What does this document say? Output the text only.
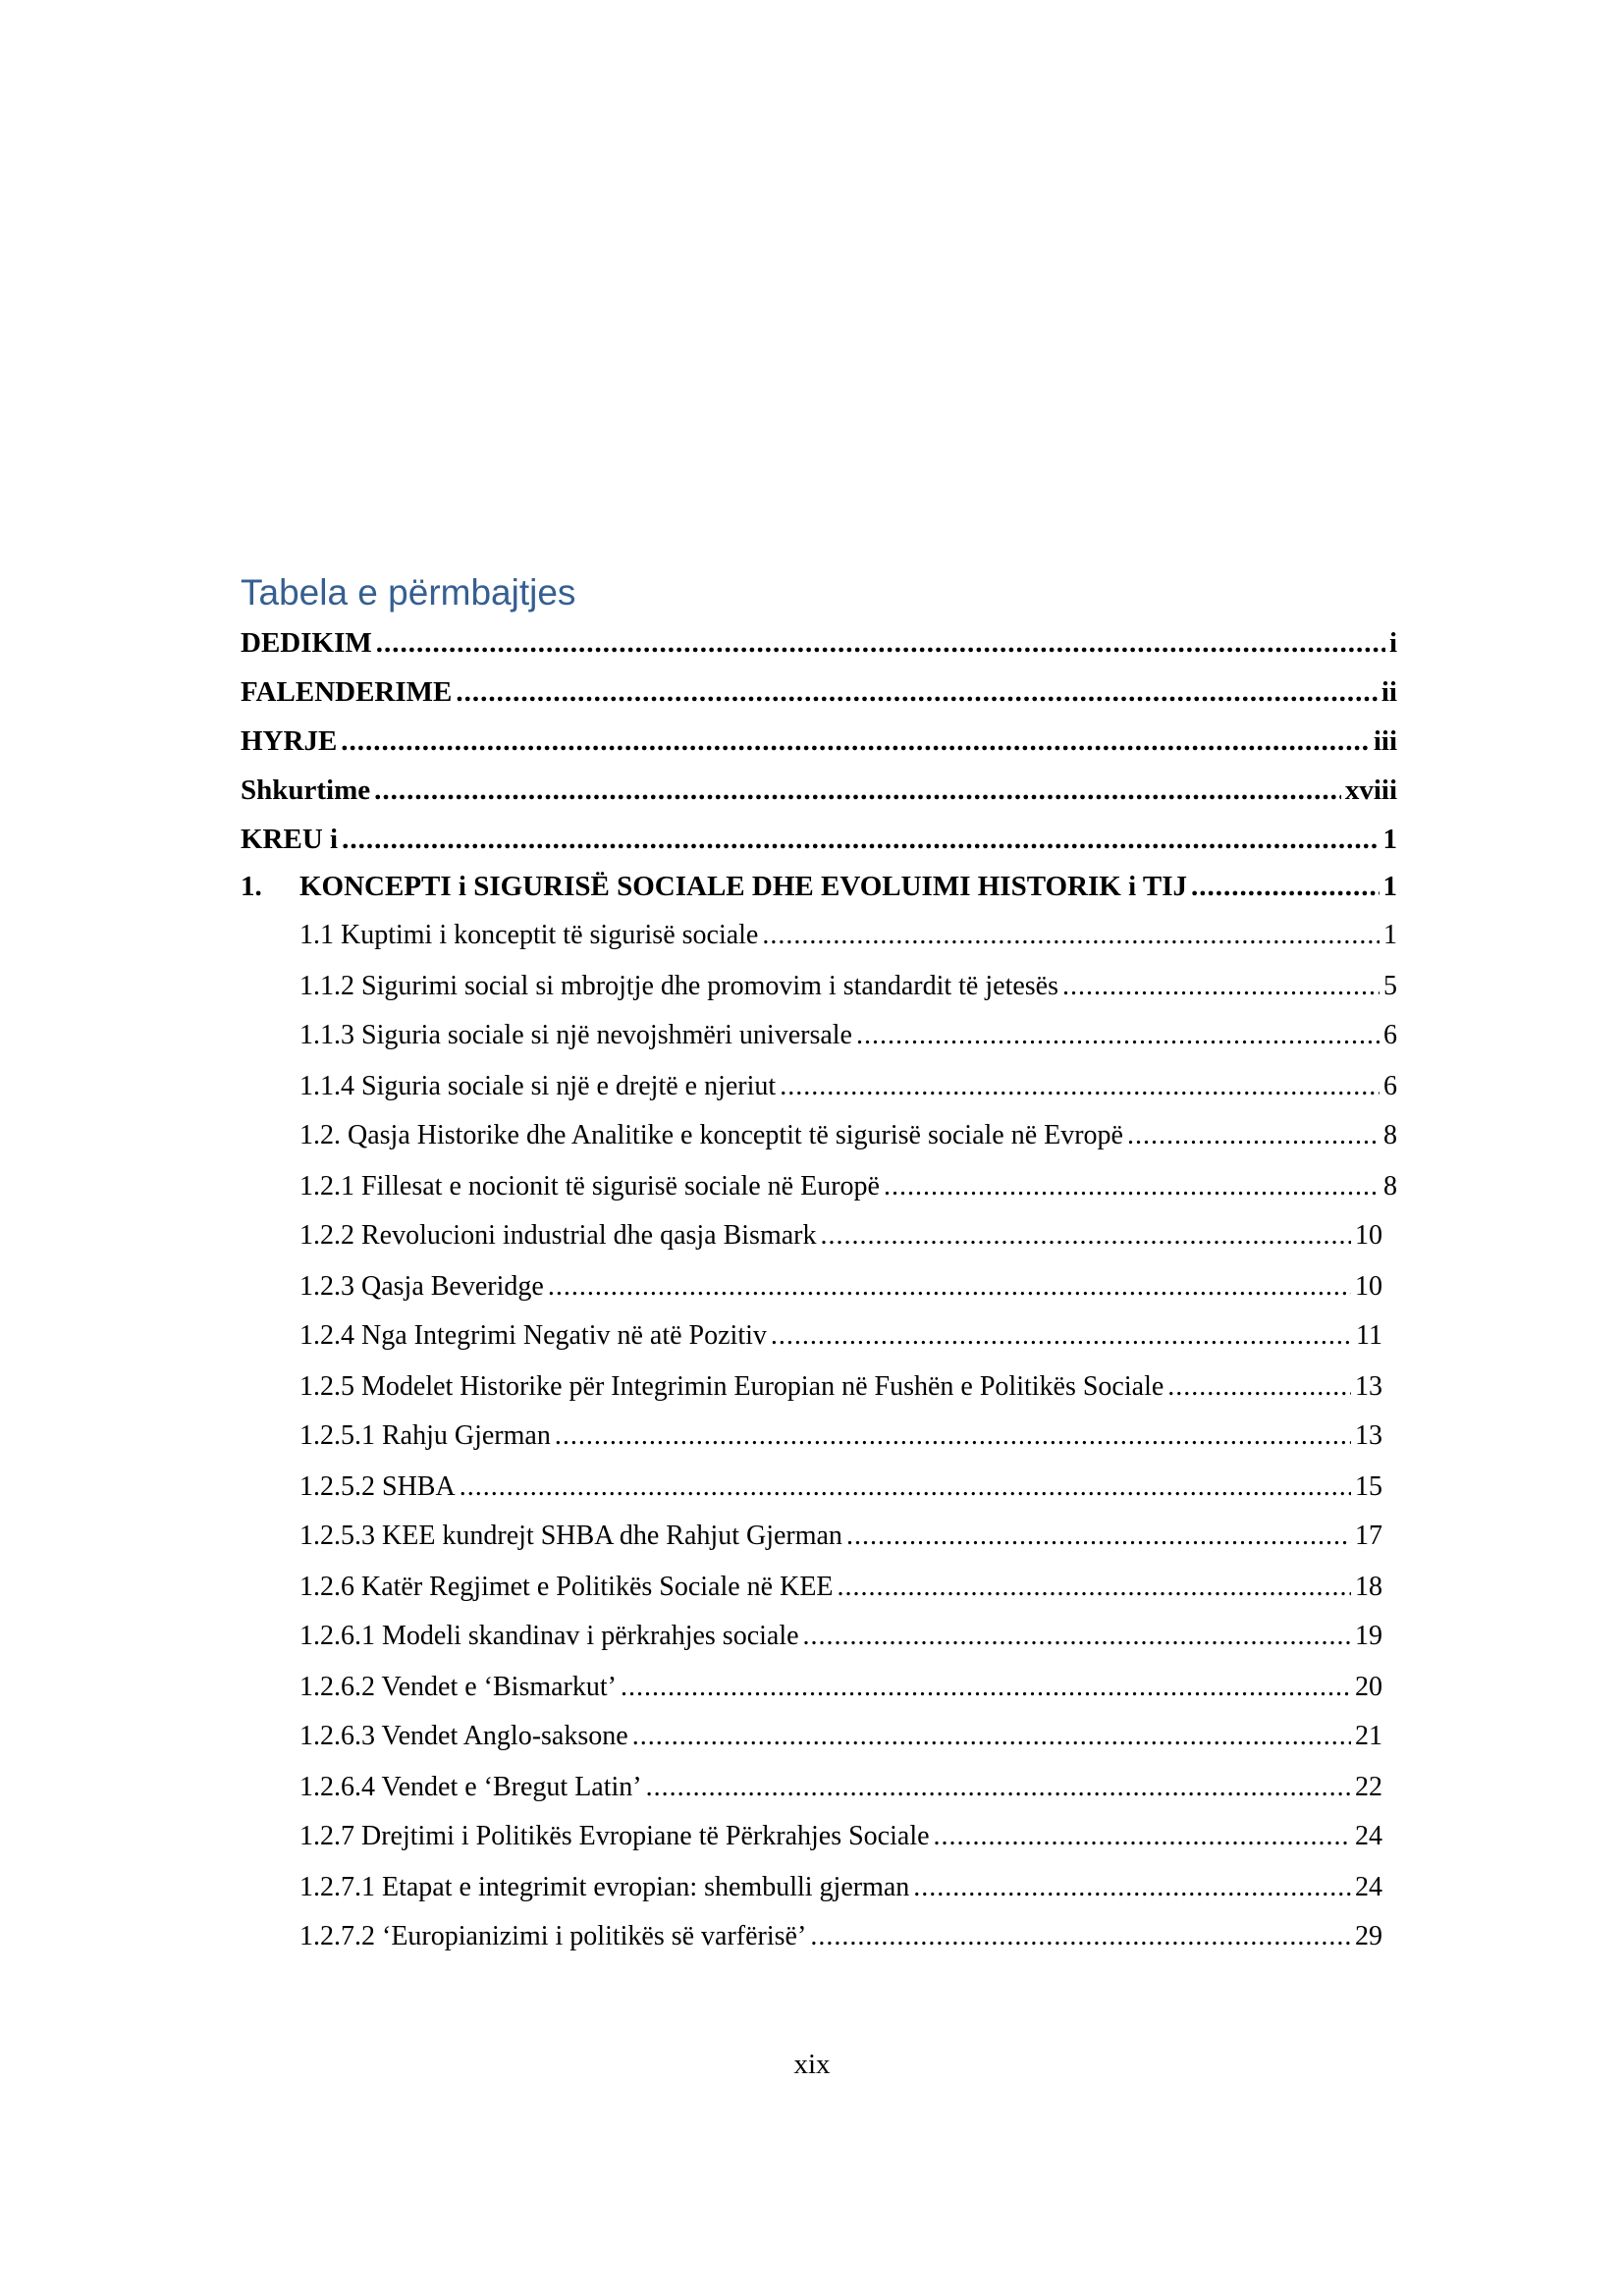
Tabela e përmbajtjes
DEDIKIM .....	i
FALENDERIME .....	ii
HYRJE .....	iii
Shkurtime .....	xviii
KREU i .....	1
1.	KONCEPTI i SIGURISË SOCIALE DHE EVOLUIMI HISTORIK i TIJ .....	1
1.1 Kuptimi i konceptit të sigurisë sociale .....	1
1.1.2 Sigurimi social si mbrojtje dhe promovim i standardit të jetesës .....	5
1.1.3 Siguria sociale si një nevojshmëri universale .....	6
1.1.4 Siguria sociale si një e drejtë e njeriut .....	6
1.2. Qasja Historike dhe Analitike e konceptit të sigurisë sociale në Evropë .....	8
1.2.1 Fillesat e nocionit të sigurisë sociale në Europë .....	8
1.2.2 Revolucioni industrial dhe qasja Bismark .....	10
1.2.3 Qasja Beveridge .....	10
1.2.4 Nga Integrimi Negativ në atë Pozitiv .....	11
1.2.5 Modelet Historike për Integrimin Europian në Fushën e Politikës Sociale .....	13
1.2.5.1 Rahju Gjerman .....	13
1.2.5.2 SHBA .....	15
1.2.5.3 KEE kundrejt SHBA dhe Rahjut Gjerman .....	17
1.2.6 Katër Regjimet e Politikës Sociale në KEE .....	18
1.2.6.1 Modeli skandinav i përkrahjes sociale .....	19
1.2.6.2 Vendet e ‘Bismarkut’ .....	20
1.2.6.3 Vendet Anglo-saksone .....	21
1.2.6.4 Vendet e ‘Bregut Latin’ .....	22
1.2.7 Drejtimi i Politikës Evropiane të Përkrahjes Sociale .....	24
1.2.7.1 Etapat e integrimit evropian: shembulli gjerman .....	24
1.2.7.2 ‘Europianizimi i politikës së varfërisë’ .....	29
xix
